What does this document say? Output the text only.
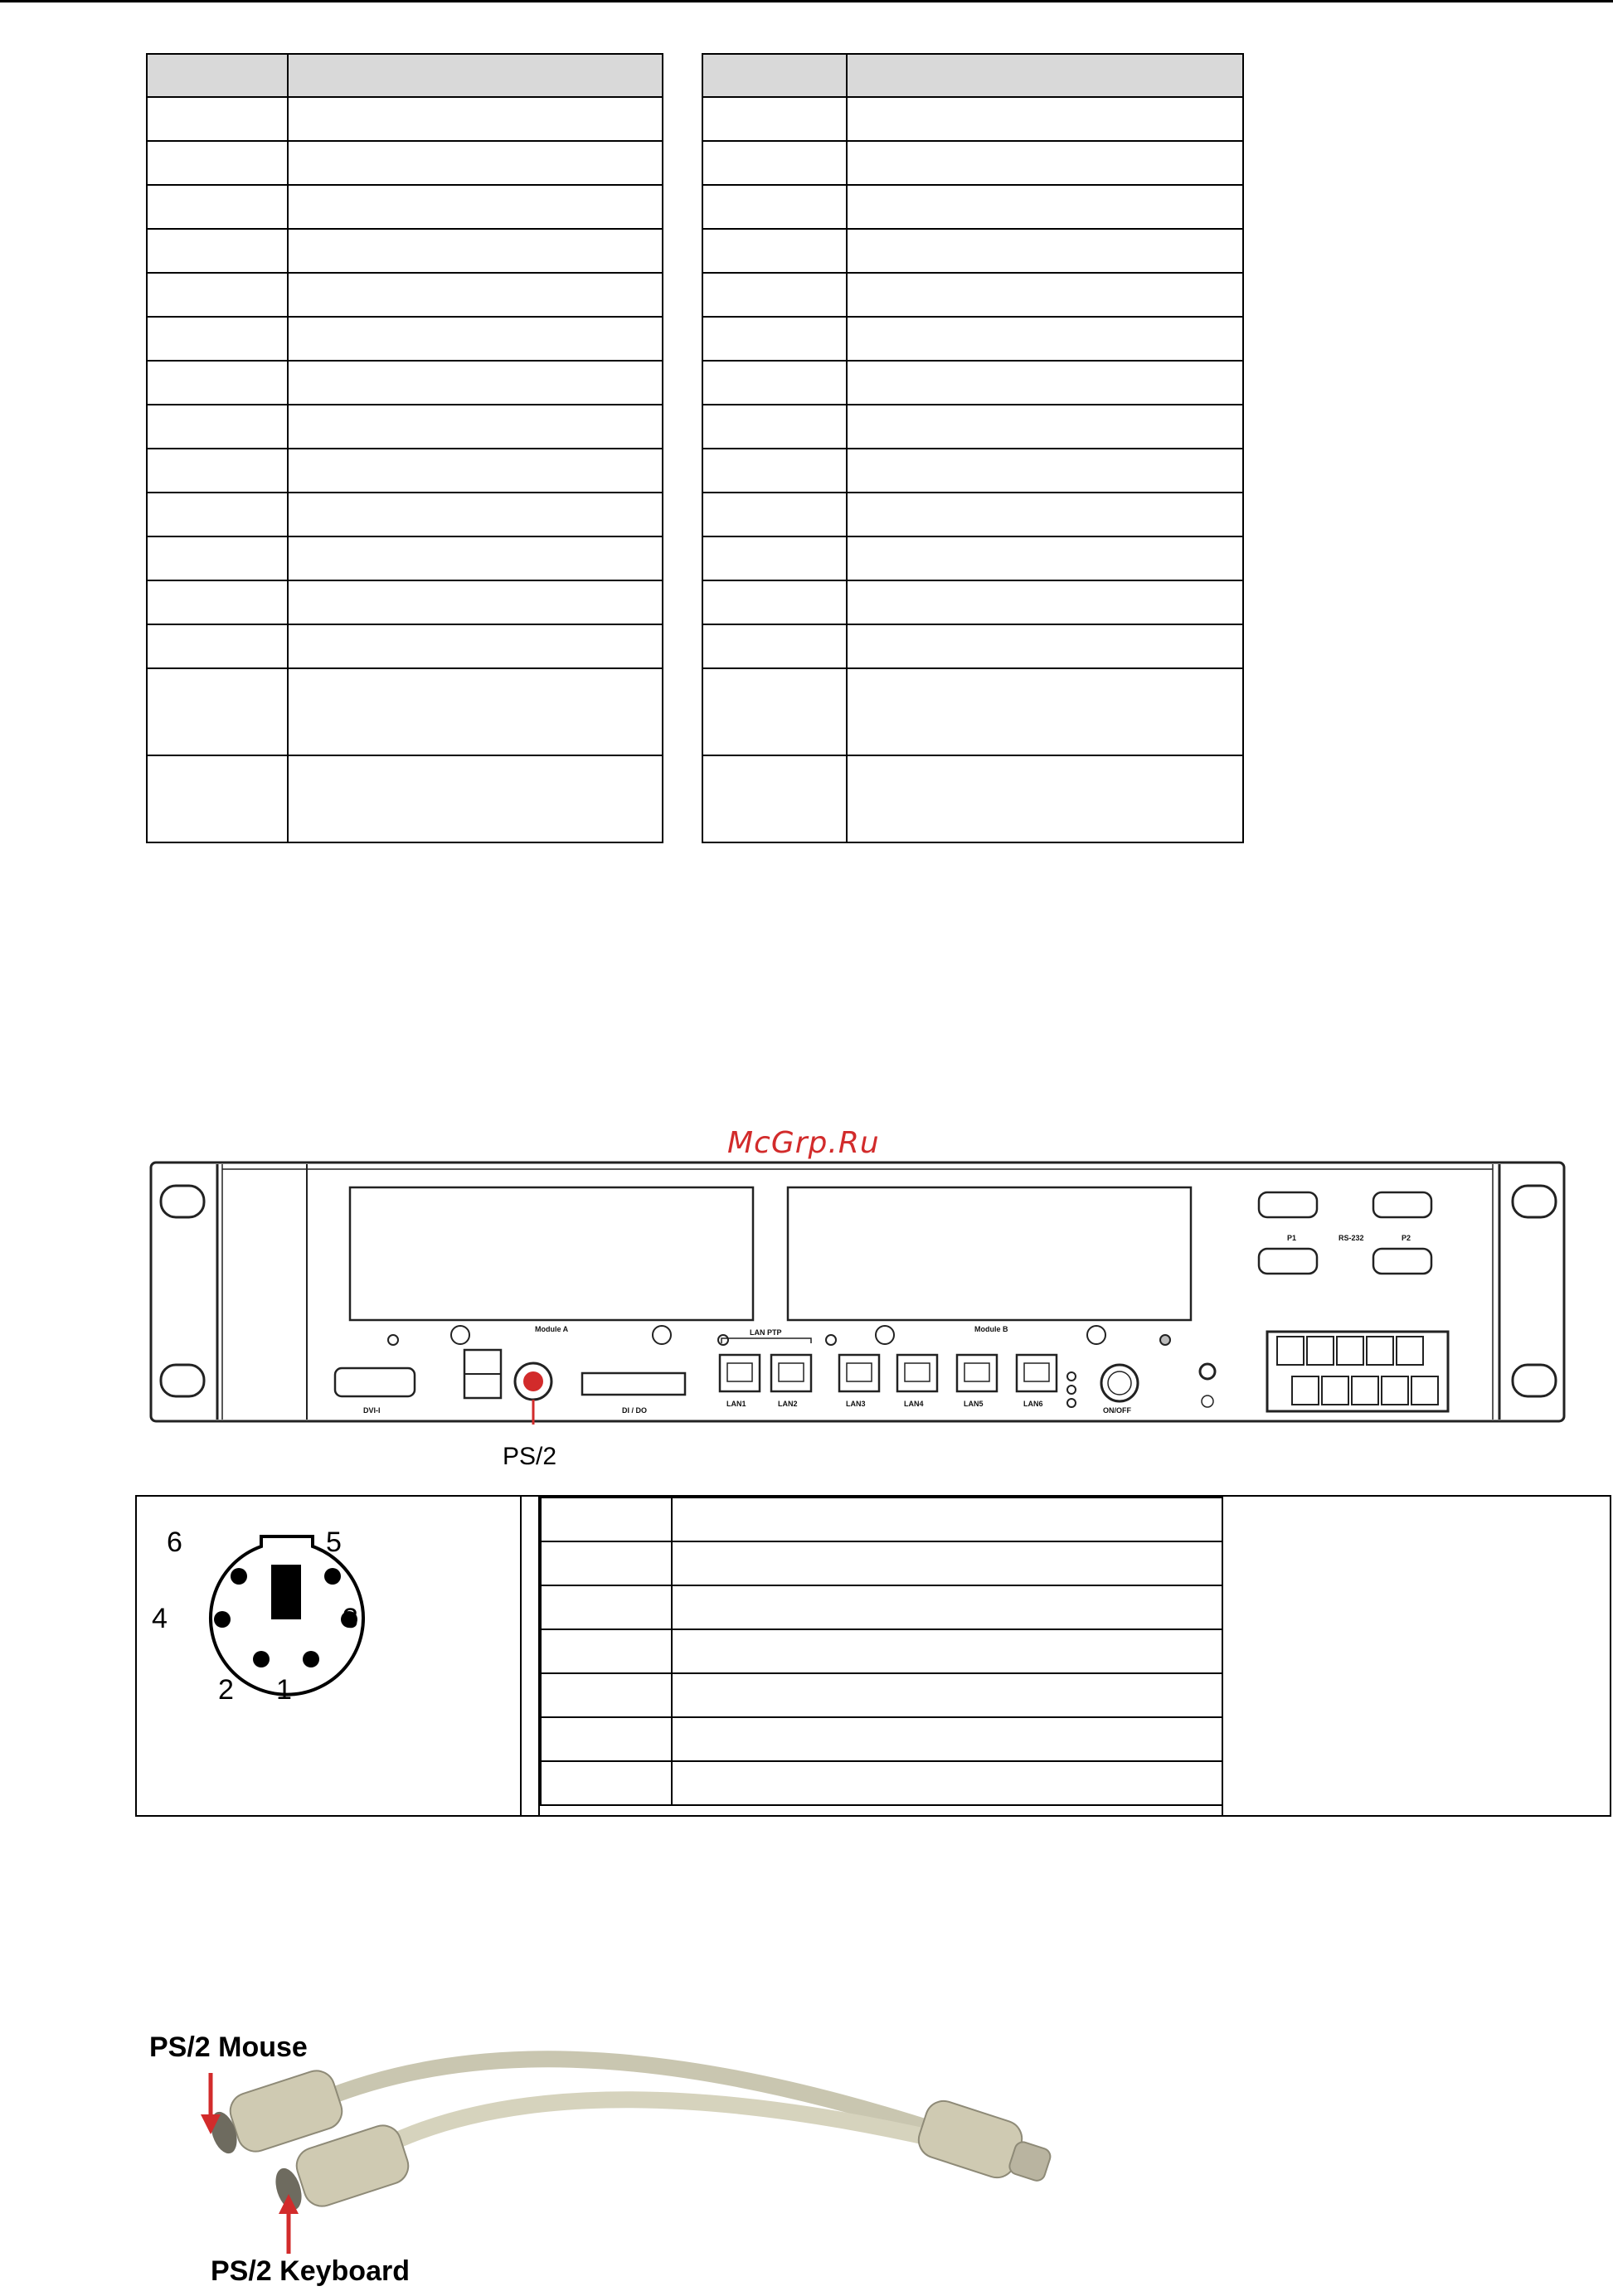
McGrp.Ru
Module A	Module B
P1	RS-232	P2
DVI-I	DI / DO
LAN PTP
LAN1	LAN2	LAN3	LAN4	LAN5	LAN6
ON/OFF
PS/2
6	5
4	3
2 1

PS/2 Mouse
PS/2 Keyboard
